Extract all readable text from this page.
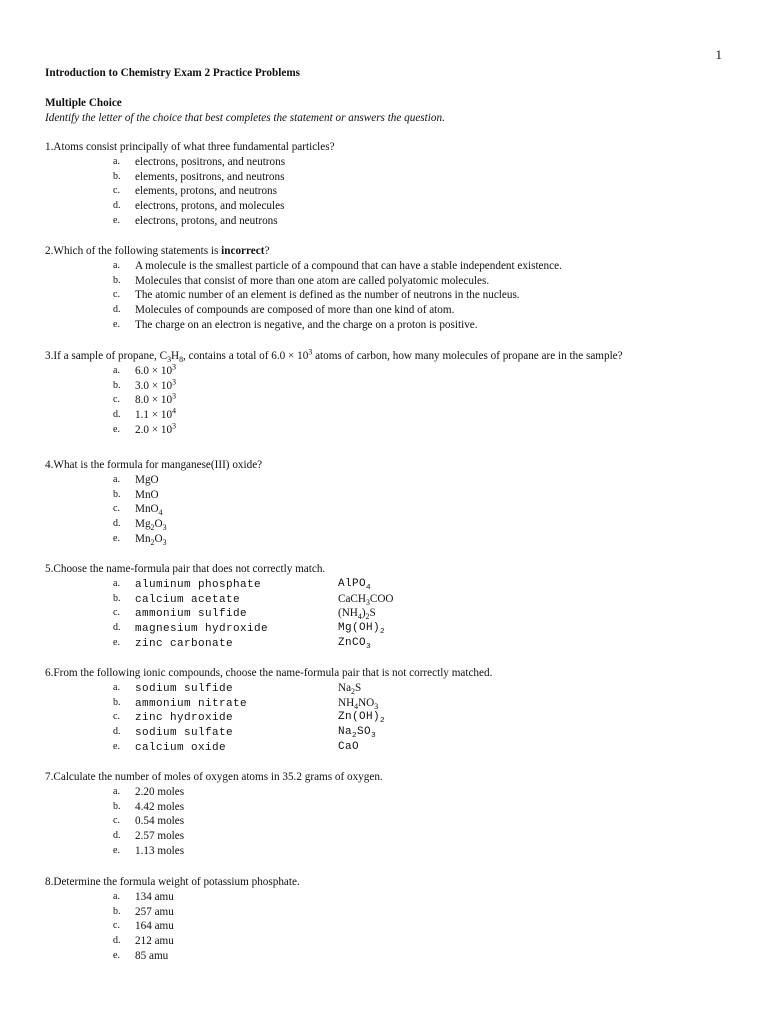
1
Introduction to Chemistry Exam 2 Practice Problems
Multiple Choice
Identify the letter of the choice that best completes the statement or answers the question.
1.Atoms consist principally of what three fundamental particles?
a.	electrons, positrons, and neutrons
b.	elements, positrons, and neutrons
c.	elements, protons, and neutrons
d.	electrons, protons, and molecules
e.	electrons, protons, and neutrons
2.Which of the following statements is incorrect?
a.	A molecule is the smallest particle of a compound that can have a stable independent existence.
b.	Molecules that consist of more than one atom are called polyatomic molecules.
c.	The atomic number of an element is defined as the number of neutrons in the nucleus.
d.	Molecules of compounds are composed of more than one kind of atom.
e.	The charge on an electron is negative, and the charge on a proton is positive.
3.If a sample of propane, $C_3H_8$, contains a total of $6.0 \times 10^3$ atoms of carbon, how many molecules of propane are in the sample?
a.	$6.0 \times 10^3$
b.	$3.0 \times 10^3$
c.	$8.0 \times 10^3$
d.	$1.1 \times 10^4$
e.	$2.0 \times 10^3$
4.What is the formula for manganese(III) oxide?
a.	MgO
b.	MnO
c.	MnO$_4$
d.	$Mg_2O_3$
e.	$Mn_2O_3$
5.Choose the name-formula pair that does not correctly match.
a.	aluminum phosphate	AlPO$_4$
b.	calcium acetate	CaCH$_3$COO
c.	ammonium sulfide	$(NH_4)_2S$
d.	magnesium hydroxide	$Mg(OH)_2$
e.	zinc carbonate	ZnCO$_3$
6.From the following ionic compounds, choose the name-formula pair that is not correctly matched.
a.	sodium sulfide	$Na_2S$
b.	ammonium nitrate	$NH_4NO_3$
c.	zinc hydroxide	$Zn(OH)_2$
d.	sodium sulfate	$Na_2SO_3$
e.	calcium oxide	CaO
7.Calculate the number of moles of oxygen atoms in 35.2 grams of oxygen.
a.	2.20 moles
b.	4.42 moles
c.	0.54 moles
d.	2.57 moles
e.	1.13 moles
8.Determine the formula weight of potassium phosphate.
a.	134 amu
b.	257 amu
c.	164 amu
d.	212 amu
e.	85 amu
